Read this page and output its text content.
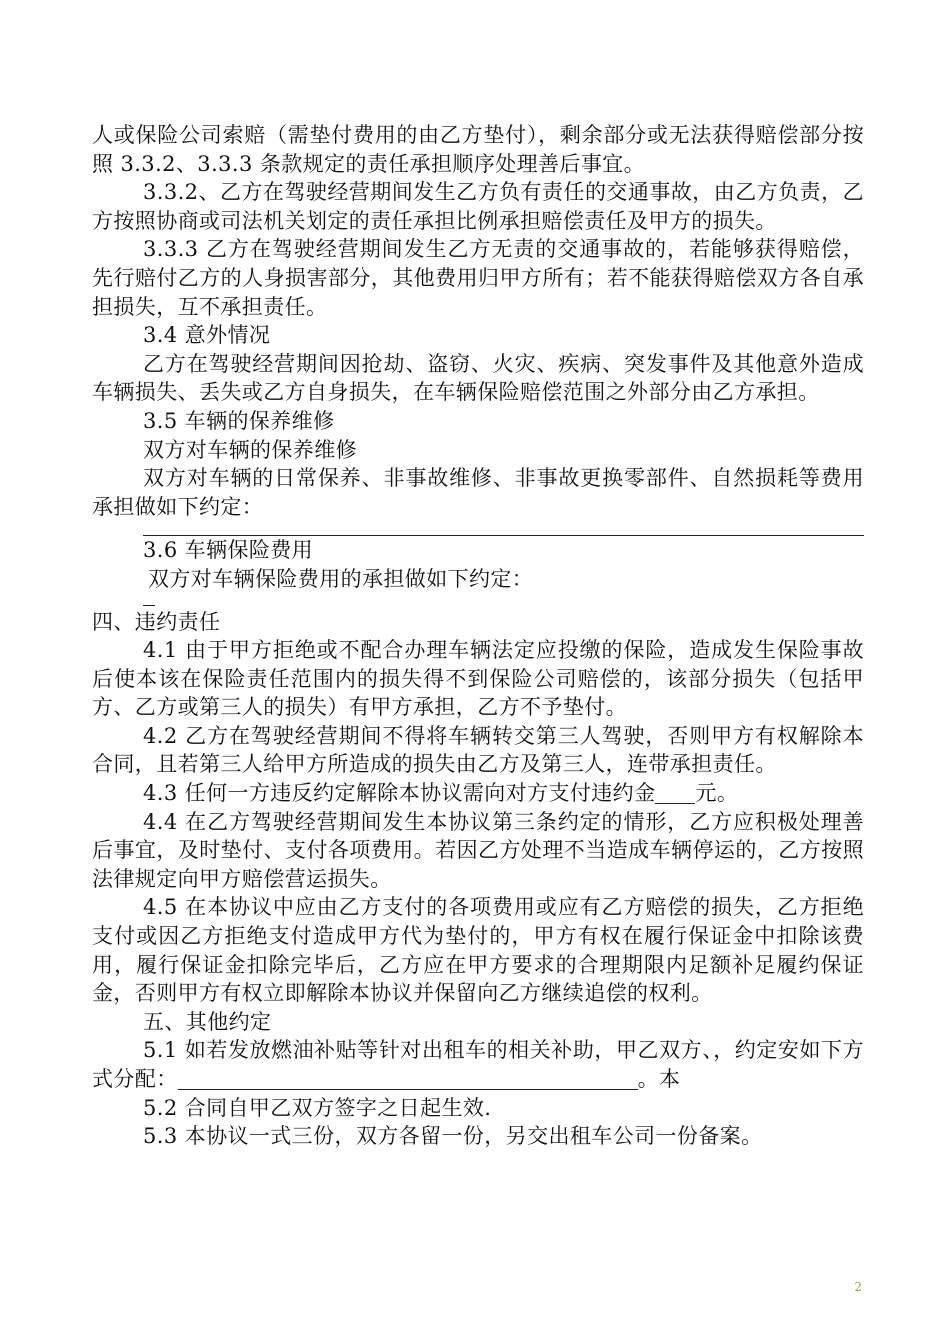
人或保险公司索赔（需垫付费用的由乙方垫付），剩余部分或无法获得赔偿部分按照 3.3.2、3.3.3 条款规定的责任承担顺序处理善后事宜。

3.3.2、乙方在驾驶经营期间发生乙方负有责任的交通事故，由乙方负责，乙方按照协商或司法机关划定的责任承担比例承担赔偿责任及甲方的损失。

3.3.3 乙方在驾驶经营期间发生乙方无责的交通事故的，若能够获得赔偿，先行赔付乙方的人身损害部分，其他费用归甲方所有；若不能获得赔偿双方各自承担损失，互不承担责任。

3.4 意外情况

乙方在驾驶经营期间因抢劫、盗窃、火灾、疾病、突发事件及其他意外造成车辆损失、丢失或乙方自身损失，在车辆保险赔偿范围之外部分由乙方承担。

3.5 车辆的保养维修

双方对车辆的保养维修

双方对车辆的日常保养、非事故维修、非事故更换零部件、自然损耗等费用承担做如下约定：

3.6 车辆保险费用

双方对车辆保险费用的承担做如下约定：

四、违约责任

4.1 由于甲方拒绝或不配合办理车辆法定应投缴的保险，造成发生保险事故后使本该在保险责任范围内的损失得不到保险公司赔偿的，该部分损失（包括甲方、乙方或第三人的损失）有甲方承担，乙方不予垫付。

4.2 乙方在驾驶经营期间不得将车辆转交第三人驾驶，否则甲方有权解除本合同，且若第三人给甲方所造成的损失由乙方及第三人，连带承担责任。

4.3 任何一方违反约定解除本协议需向对方支付违约金 元。

4.4 在乙方驾驶经营期间发生本协议第三条约定的情形，乙方应积极处理善后事宜，及时垫付、支付各项费用。若因乙方处理不当造成车辆停运的，乙方按照法律规定向甲方赔偿营运损失。

4.5 在本协议中应由乙方支付的各项费用或应有乙方赔偿的损失，乙方拒绝支付或因乙方拒绝支付造成甲方代为垫付的，甲方有权在履行保证金中扣除该费用，履行保证金扣除完毕后，乙方应在甲方要求的合理期限内足额补足履约保证金，否则甲方有权立即解除本协议并保留向乙方继续追偿的权利。

五、其他约定

5.1 如若发放燃油补贴等针对出租车的相关补助，甲乙双方、，约定安如下方式分配：	。本

5.2 合同自甲乙双方签字之日起生效.

5.3 本协议一式三份，双方各留一份，另交出租车公司一份备案。

2
